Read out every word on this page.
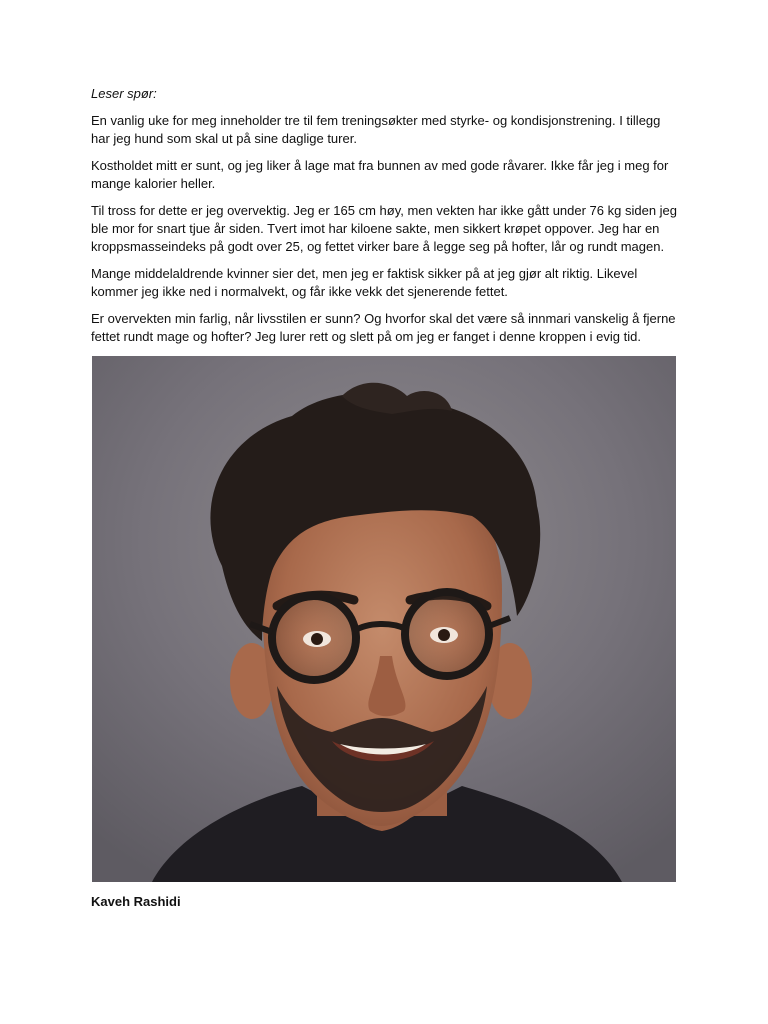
Leser spør:

En vanlig uke for meg inneholder tre til fem treningsøkter med styrke- og kondisjonstrening. I tillegg har jeg hund som skal ut på sine daglige turer.

Kostholdet mitt er sunt, og jeg liker å lage mat fra bunnen av med gode råvarer. Ikke får jeg i meg for mange kalorier heller.

Til tross for dette er jeg overvektig. Jeg er 165 cm høy, men vekten har ikke gått under 76 kg siden jeg ble mor for snart tjue år siden. Tvert imot har kiloene sakte, men sikkert krøpet oppover. Jeg har en kroppsmasseindeks på godt over 25, og fettet virker bare å legge seg på hofter, lår og rundt magen.

Mange middelaldrende kvinner sier det, men jeg er faktisk sikker på at jeg gjør alt riktig. Likevel kommer jeg ikke ned i normalvekt, og får ikke vekk det sjenerende fettet.

Er overvekten min farlig, når livsstilen er sunn? Og hvorfor skal det være så innmari vanskelig å fjerne fettet rundt mage og hofter? Jeg lurer rett og slett på om jeg er fanget i denne kroppen i evig tid.

Kaveh Rashidi
